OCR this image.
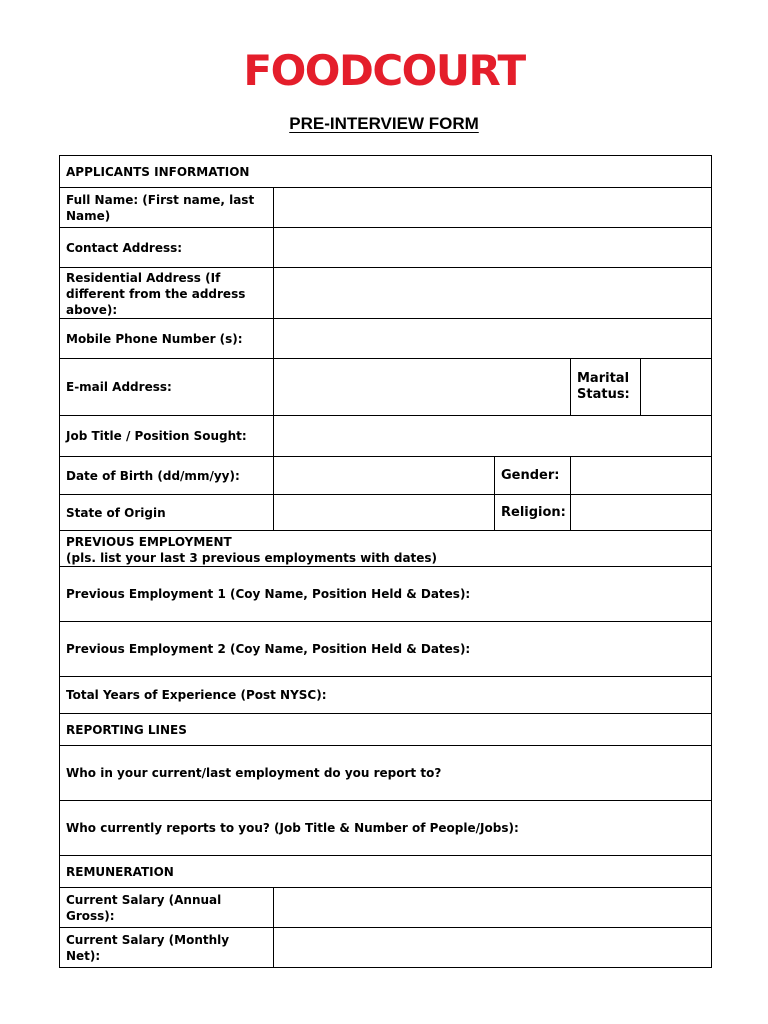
FOODCOURT
PRE-INTERVIEW FORM
APPLICANTS INFORMATION				
Full Name: (First name, last Name)				
Contact Address:				
Residential Address (If different from the address above):				
Mobile Phone Number (s):				
E-mail Address:			Marital Status:	
Job Title / Position Sought:				
Date of Birth (dd/mm/yy):		Gender:		
State of Origin		Religion:		

PREVIOUS EMPLOYMENT
(pls. list your last 3 previous employments with dates)				

Previous Employment 1 (Coy Name, Position Held & Dates):				
Previous Employment 2 (Coy Name, Position Held & Dates):				
Total Years of Experience (Post NYSC):				
REPORTING LINES				
Who in your current/last employment do you report to?				
Who currently reports to you? (Job Title & Number of People/Jobs):				
REMUNERATION				
Current Salary (Annual Gross):				
Current Salary (Monthly Net):				
